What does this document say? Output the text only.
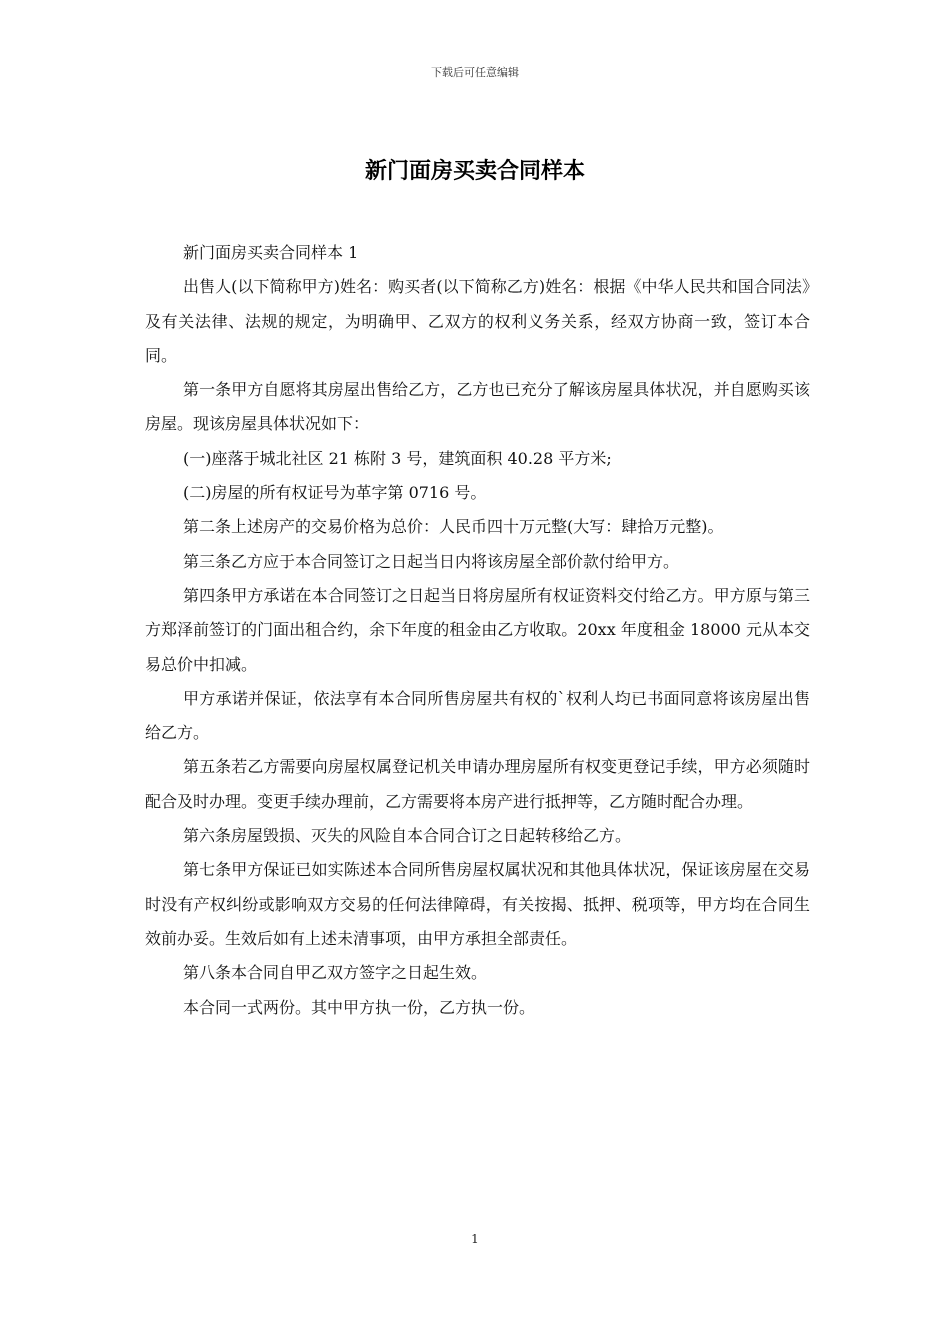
下载后可任意编辑
新门面房买卖合同样本

新门面房买卖合同样本 1

出售人(以下简称甲方)姓名：购买者(以下简称乙方)姓名：根据《中华人民共和国合同法》及有关法律、法规的规定，为明确甲、乙双方的权利义务关系，经双方协商一致，签订本合同。

第一条甲方自愿将其房屋出售给乙方，乙方也已充分了解该房屋具体状况，并自愿购买该房屋。现该房屋具体状况如下：

(一)座落于城北社区 21 栋附 3 号，建筑面积 40.28 平方米;

(二)房屋的所有权证号为革字第 0716 号。

第二条上述房产的交易价格为总价：人民币四十万元整(大写：肆拾万元整)。

第三条乙方应于本合同签订之日起当日内将该房屋全部价款付给甲方。

第四条甲方承诺在本合同签订之日起当日将房屋所有权证资料交付给乙方。甲方原与第三方郑泽前签订的门面出租合约，余下年度的租金由乙方收取。20xx 年度租金 18000 元从本交易总价中扣减。

甲方承诺并保证，依法享有本合同所售房屋共有权的`权利人均已书面同意将该房屋出售给乙方。

第五条若乙方需要向房屋权属登记机关申请办理房屋所有权变更登记手续，甲方必须随时配合及时办理。变更手续办理前，乙方需要将本房产进行抵押等，乙方随时配合办理。

第六条房屋毁损、灭失的风险自本合同合订之日起转移给乙方。

第七条甲方保证已如实陈述本合同所售房屋权属状况和其他具体状况，保证该房屋在交易时没有产权纠纷或影响双方交易的任何法律障碍，有关按揭、抵押、税项等，甲方均在合同生效前办妥。生效后如有上述未清事项，由甲方承担全部责任。

第八条本合同自甲乙双方签字之日起生效。

本合同一式两份。其中甲方执一份，乙方执一份。

1
